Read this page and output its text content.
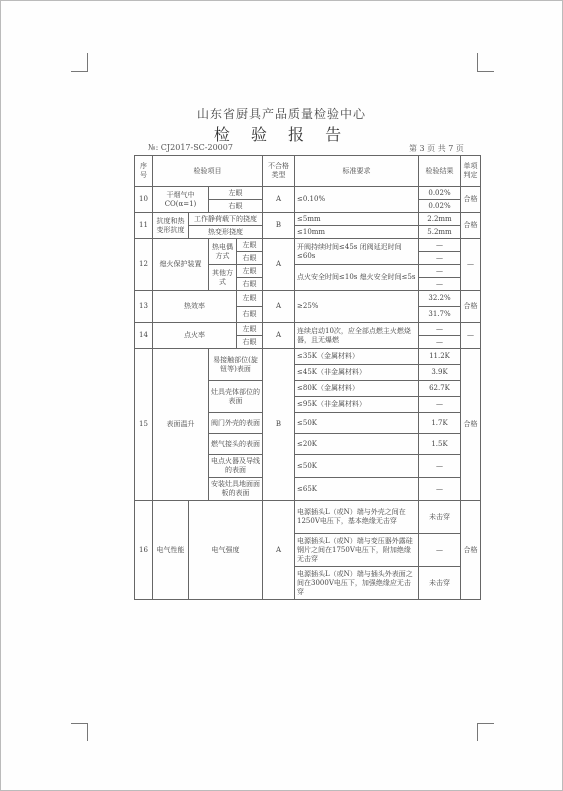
山东省厨具产品质量检验中心
检 验 报 告
№: CJ2017-SC-20007	第 3 页 共 7 页
序号	检验项目				不合格类型	标准要求	检验结果	单项判定
10	干烟气中CO(α=1)		左眼		A	≤0.10%	0.02%	合格
			右眼				0.02%	
11	抗度和热变形抗度	工作静荷载下的挠度			B	≤5mm	2.2mm	合格
		热变形挠度				≤10mm	5.2mm	
12	熄火保护装置		热电偶方式	左眼	A	开阀持续时间≤45s 闭阀延迟时间≤60s	—	—
				右眼			—	
			其他方式	左眼		点火安全时间≤10s 熄火安全时间≤5s	—	
				右眼			—	
13	热效率			左眼	A	≥25%	32.2%	合格
				右眼			31.7%	
14	点火率			左眼	A	连续启动10次，应全部点燃主火燃烧器，且无爆燃	—	—
				右眼			—	
15	表面温升		易接触部位(旋钮等)表面		B	≤35K（金属材料）	11.2K	合格
						≤45K（非金属材料）	3.9K	
			灶具壳体部位的表面			≤80K（金属材料）	62.7K	
						≤95K（非金属材料）	—	
			阀门外壳的表面			≤50K	1.7K	
			燃气接头的表面			≤20K	1.5K	
			电点火器及导线的表面			≤50K	—	
			安装灶具地面面板的表面			≤65K	—	
16	电气性能	电气强度			A	电源插头L（或N）端与外壳之间在1250V电压下，基本绝缘无击穿	未击穿	合格
						电源插头L（或N）端与变压器外露硅钢片之间在1750V电压下，附加绝缘无击穿	—	
						电源插头L（或N）端与插头外表面之间在3000V电压下，加强绝缘应无击穿	未击穿	
